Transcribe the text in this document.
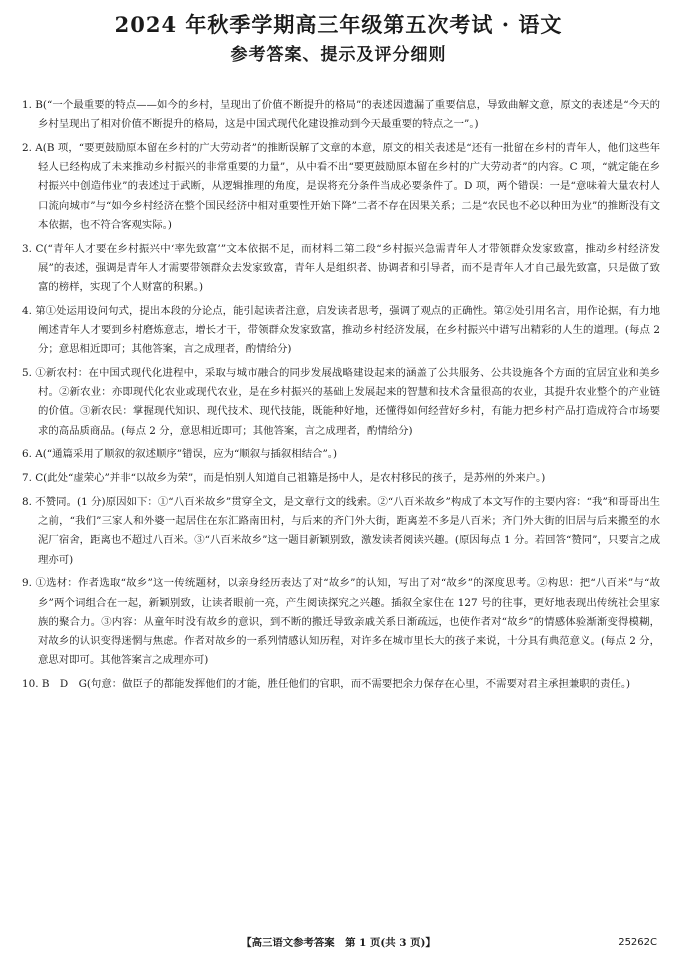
2024 年秋季学期高三年级第五次考试 · 语文
参考答案、提示及评分细则

1. B(“一个最重要的特点——如今的乡村，呈现出了价值不断提升的格局”的表述因遗漏了重要信息，导致曲解文意，原文的表述是“今天的乡村呈现出了相对价值不断提升的格局，这是中国式现代化建设推动到今天最重要的特点之一”。)

2. A(B 项，“要更鼓励原本留在乡村的广大劳动者”的推断误解了文章的本意，原文的相关表述是“还有一批留在乡村的青年人，他们这些年轻人已经构成了未来推动乡村振兴的非常重要的力量”，从中看不出“要更鼓励原本留在乡村的广大劳动者”的内容。C 项，“就定能在乡村振兴中创造伟业”的表述过于武断，从逻辑推理的角度，是误将充分条件当成必要条件了。D 项，两个错误：一是“意味着大量农村人口流向城市”与“如今乡村经济在整个国民经济中相对重要性开始下降”二者不存在因果关系；二是“农民也不必以种田为业”的推断没有文本依据，也不符合客观实际。)

3. C(“青年人才要在乡村振兴中‘率先致富’”文本依据不足，而材料二第二段“乡村振兴急需青年人才带领群众发家致富，推动乡村经济发展”的表述，强调是青年人才需要带领群众去发家致富，青年人是组织者、协调者和引导者，而不是青年人才自己最先致富，只是做了致富的榜样，实现了个人财富的积累。)

4. 第①处运用设问句式，提出本段的分论点，能引起读者注意，启发读者思考，强调了观点的正确性。第②处引用名言，用作论据，有力地阐述青年人才要到乡村磨炼意志，增长才干，带领群众发家致富，推动乡村经济发展，在乡村振兴中谱写出精彩的人生的道理。(每点 2 分；意思相近即可；其他答案，言之成理者，酌情给分)

5. ①新农村：在中国式现代化进程中，采取与城市融合的同步发展战略建设起来的涵盖了公共服务、公共设施各个方面的宜居宜业和美乡村。②新农业：亦即现代化农业或现代农业，是在乡村振兴的基础上发展起来的智慧和技术含量很高的农业，其提升农业整个的产业链的价值。③新农民：掌握现代知识、现代技术、现代技能，既能种好地，还懂得如何经营好乡村，有能力把乡村产品打造成符合市场要求的高品质商品。(每点 2 分，意思相近即可；其他答案，言之成理者，酌情给分)

6. A(“通篇采用了顺叙的叙述顺序”错误，应为“顺叙与插叙相结合”。)

7. C(此处“虚荣心”并非“以故乡为荣”，而是怕别人知道自己祖籍是扬中人，是农村移民的孩子，是苏州的外来户。)

8. 不赞同。(1 分)原因如下：①“八百米故乡”贯穿全文，是文章行文的线索。②“八百米故乡”构成了本文写作的主要内容：“我”和哥哥出生之前，“我们”三家人和外婆一起居住在东汇路南田村，与后来的齐门外大街，距离差不多是八百米；齐门外大街的旧居与后来搬至的水泥厂宿舍，距离也不超过八百米。③“八百米故乡”这一题目新颖别致，激发读者阅读兴趣。(原因每点 1 分。若回答“赞同”，只要言之成理亦可)

9. ①选材：作者选取“故乡”这一传统题材，以亲身经历表达了对“故乡”的认知，写出了对“故乡”的深度思考。②构思：把“八百米”与“故乡”两个词组合在一起，新颖别致，让读者眼前一亮，产生阅读探究之兴趣。插叙全家住在 127 号的往事，更好地表现出传统社会里家族的聚合力。③内容：从童年时没有故乡的意识，到不断的搬迁导致亲戚关系日渐疏远，也使作者对“故乡”的情感体验渐渐变得模糊，对故乡的认识变得迷惘与焦虑。作者对故乡的一系列情感认知历程，对许多在城市里长大的孩子来说，十分具有典范意义。(每点 2 分，意思对即可。其他答案言之成理亦可)

10. B　D　G(句意：做臣子的都能发挥他们的才能，胜任他们的官职，而不需要把余力保存在心里，不需要对君主承担兼职的责任。)

【高三语文参考答案　第 1 页(共 3 页)】	25262C
